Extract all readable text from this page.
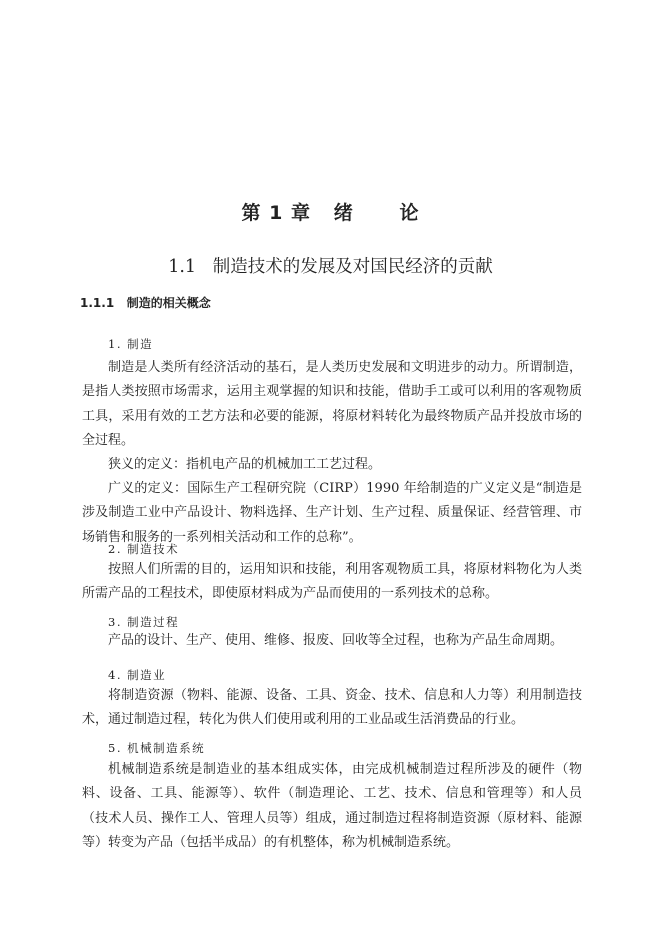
第 1 章   绪      论
1.1   制造技术的发展及对国民经济的贡献
1.1.1   制造的相关概念
1. 制造

制造是人类所有经济活动的基石，是人类历史发展和文明进步的动力。所谓制造，是指人类按照市场需求，运用主观掌握的知识和技能，借助手工或可以利用的客观物质工具，采用有效的工艺方法和必要的能源，将原材料转化为最终物质产品并投放市场的全过程。

狭义的定义：指机电产品的机械加工工艺过程。

广义的定义：国际生产工程研究院（CIRP）1990 年给制造的广义定义是“制造是涉及制造工业中产品设计、物料选择、生产计划、生产过程、质量保证、经营管理、市场销售和服务的一系列相关活动和工作的总称”。

2. 制造技术

按照人们所需的目的，运用知识和技能，利用客观物质工具，将原材料物化为人类所需产品的工程技术，即使原材料成为产品而使用的一系列技术的总称。

3. 制造过程

产品的设计、生产、使用、维修、报废、回收等全过程，也称为产品生命周期。

4. 制造业

将制造资源（物料、能源、设备、工具、资金、技术、信息和人力等）利用制造技术，通过制造过程，转化为供人们使用或利用的工业品或生活消费品的行业。

5. 机械制造系统

机械制造系统是制造业的基本组成实体，由完成机械制造过程所涉及的硬件（物料、设备、工具、能源等）、软件（制造理论、工艺、技术、信息和管理等）和人员（技术人员、操作工人、管理人员等）组成，通过制造过程将制造资源（原材料、能源等）转变为产品（包括半成品）的有机整体，称为机械制造系统。
